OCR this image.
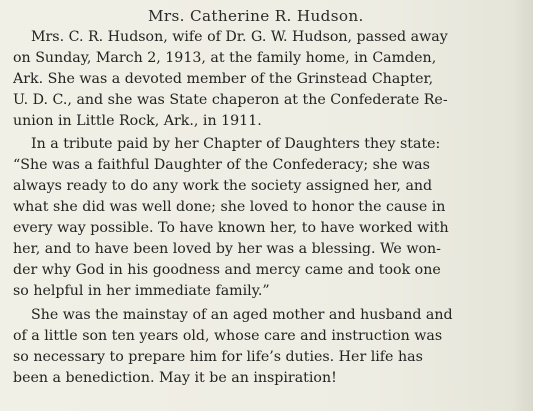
Mrs. Catherine R. Hudson.
Mrs. C. R. Hudson, wife of Dr. G. W. Hudson, passed away
on Sunday, March 2, 1913, at the family home, in Camden,
Ark. She was a devoted member of the Grinstead Chapter,
U. D. C., and she was State chaperon at the Confederate Re-
union in Little Rock, Ark., in 1911.
In a tribute paid by her Chapter of Daughters they state:
“She was a faithful Daughter of the Confederacy; she was
always ready to do any work the society assigned her, and
what she did was well done; she loved to honor the cause in
every way possible. To have known her, to have worked with
her, and to have been loved by her was a blessing. We won-
der why God in his goodness and mercy came and took one
so helpful in her immediate family.”
She was the mainstay of an aged mother and husband and
of a little son ten years old, whose care and instruction was
so necessary to prepare him for life’s duties. Her life has
been a benediction. May it be an inspiration!
